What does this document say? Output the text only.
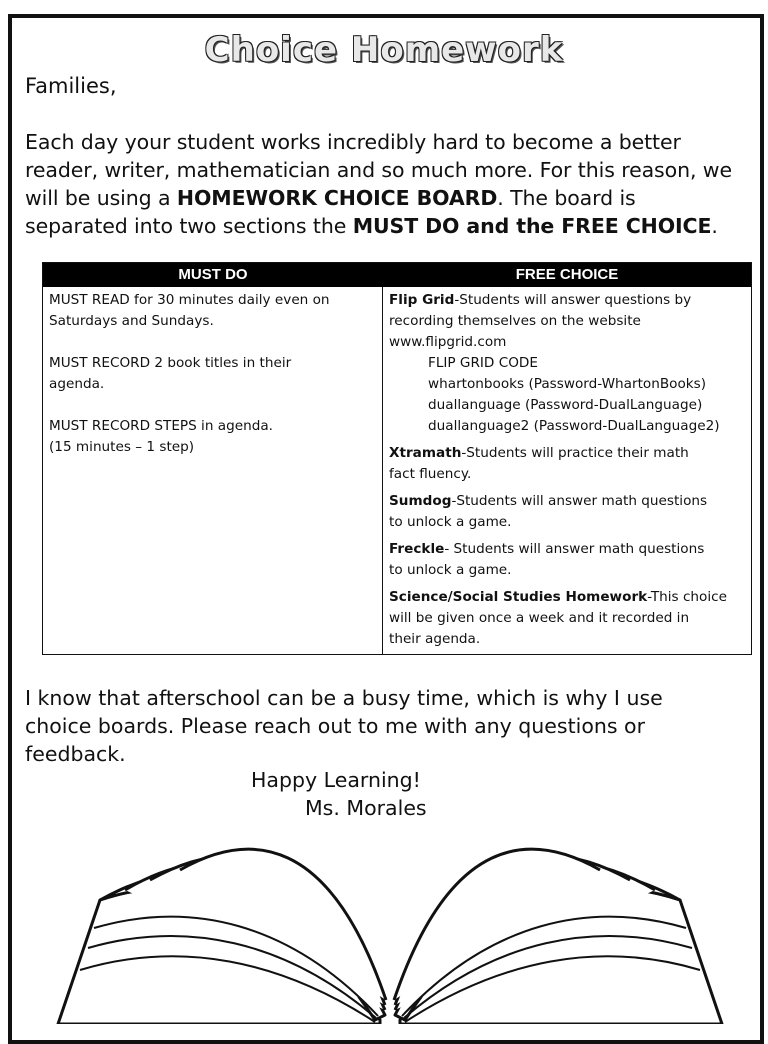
Choice Homework
Families,
Each day your student works incredibly hard to become a better
reader, writer, mathematician and so much more. For this reason, we
will be using a HOMEWORK CHOICE BOARD. The board is
separated into two sections the MUST DO and the FREE CHOICE.
MUST DO	FREE CHOICE
MUST READ for 30 minutes daily even on
Saturdays and Sundays.
MUST RECORD 2 book titles in their
agenda.
MUST RECORD STEPS in agenda.
(15 minutes – 1 step)
Flip Grid-Students will answer questions by
recording themselves on the website
www.flipgrid.com
FLIP GRID CODE
whartonbooks (Password-WhartonBooks)
duallanguage (Password-DualLanguage)
duallanguage2 (Password-DualLanguage2)
Xtramath-Students will practice their math
fact fluency.
Sumdog-Students will answer math questions
to unlock a game.
Freckle- Students will answer math questions
to unlock a game.
Science/Social Studies Homework-This choice
will be given once a week and it recorded in
their agenda.
I know that afterschool can be a busy time, which is why I use
choice boards. Please reach out to me with any questions or
feedback.
Happy Learning!
Ms. Morales
